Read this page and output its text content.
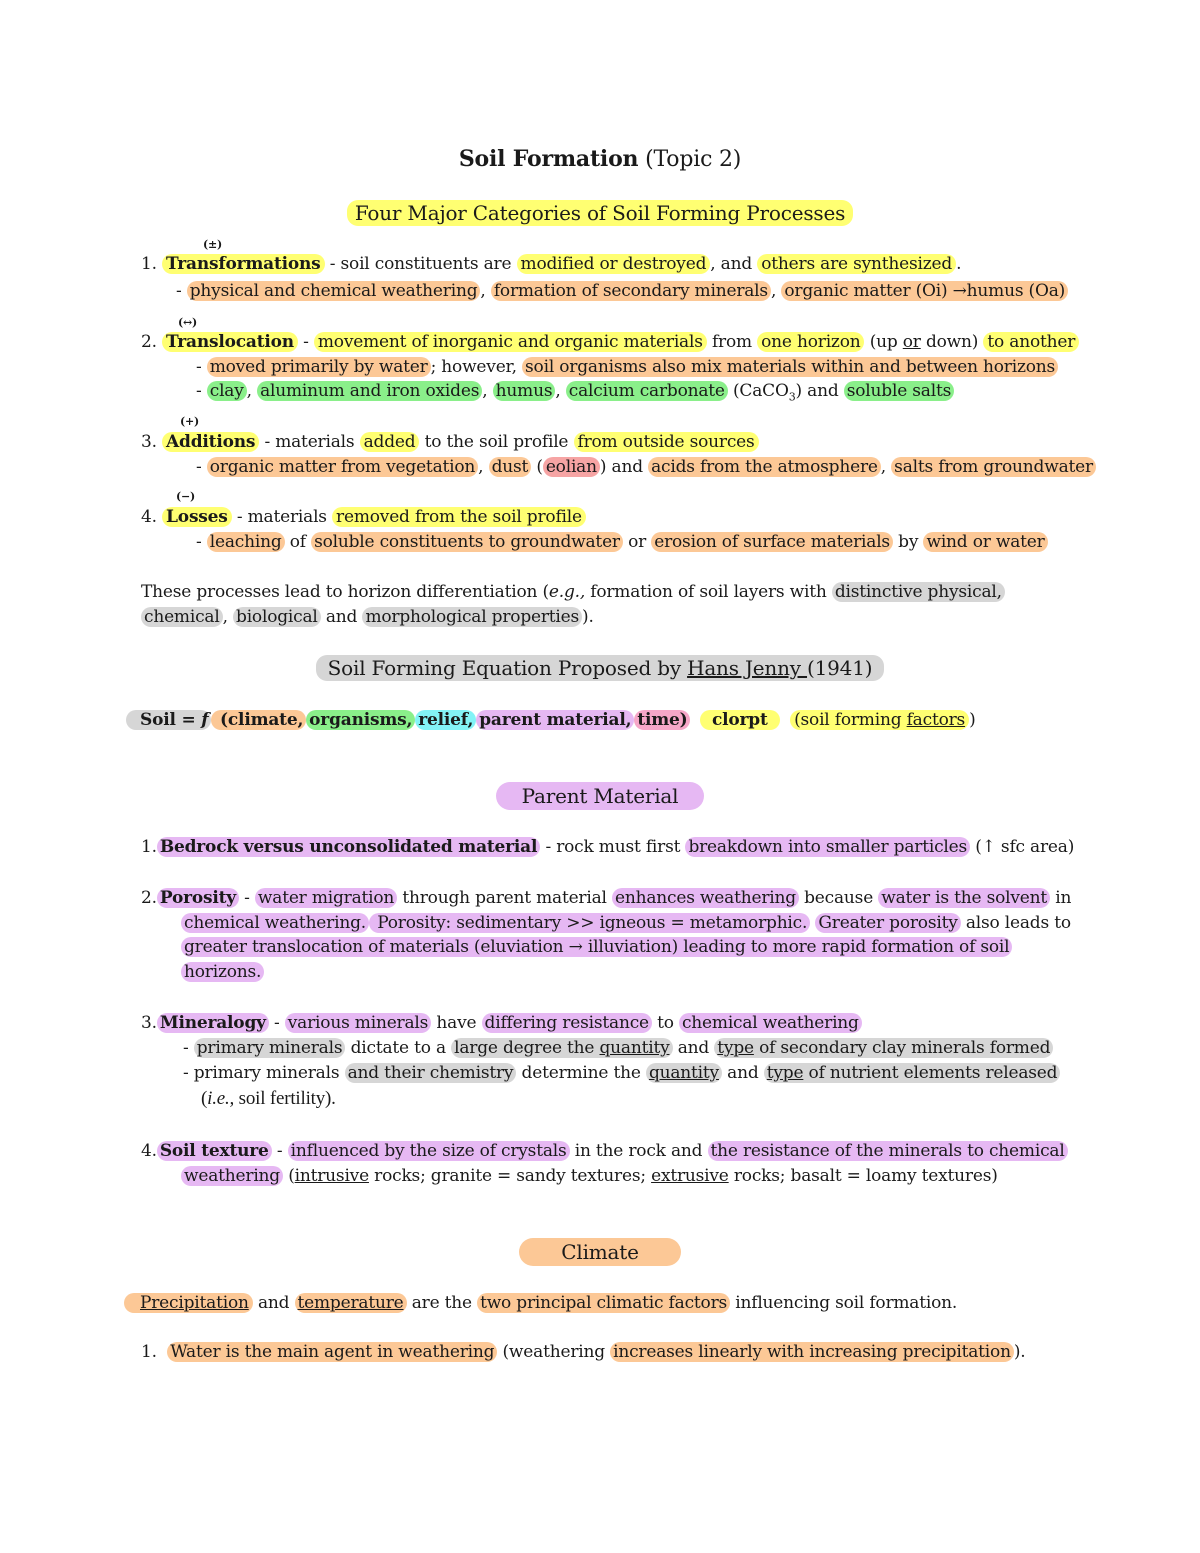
Soil Formation (Topic 2)
Four Major Categories of Soil Forming Processes
(±)
1. Transformations - soil constituents are modified or destroyed , and others are synthesized .
- physical and chemical weathering , formation of secondary minerals , organic matter (Oi) →humus (Oa)
(↔)
2. Translocation - movement of inorganic and organic materials from one horizon (up or down) to another
- moved primarily by water ; however, soil organisms also mix materials within and between horizons
- clay , aluminum and iron oxides , humus , calcium carbonate (CaCO$_3$) and soluble salts
(+)
3. Additions - materials added to the soil profile from outside sources
- organic matter from vegetation , dust ( eolian ) and acids from the atmosphere , salts from groundwater
(−)
4. Losses - materials removed from the soil profile
- leaching of soluble constituents to groundwater or erosion of surface materials by wind or water
These processes lead to horizon differentiation (e.g., formation of soil layers with distinctive physical,
chemical , biological and morphological properties ).
Soil Forming Equation Proposed by Hans Jenny (1941)
Soil = f (climate, organisms, relief, parent material, time)	clorpt (soil forming factors )
Parent Material
1. Bedrock versus unconsolidated material - rock must first breakdown into smaller particles (↑ sfc area)
2. Porosity - water migration through parent material enhances weathering because water is the solvent in
chemical weathering. Porosity: sedimentary >> igneous = metamorphic. Greater porosity also leads to
greater translocation of materials (eluviation → illuviation) leading to more rapid formation of soil
horizons.
3. Mineralogy - various minerals have differing resistance to chemical weathering
- primary minerals dictate to a large degree the quantity and type of secondary clay minerals formed
- primary minerals and their chemistry determine the quantity and type of nutrient elements released
(i.e., soil fertility).
4. Soil texture - influenced by the size of crystals in the rock and the resistance of the minerals to chemical
weathering (intrusive rocks; granite = sandy textures; extrusive rocks; basalt = loamy textures)
Climate
Precipitation and temperature are the two principal climatic factors influencing soil formation.
1. Water is the main agent in weathering (weathering increases linearly with increasing precipitation ).
